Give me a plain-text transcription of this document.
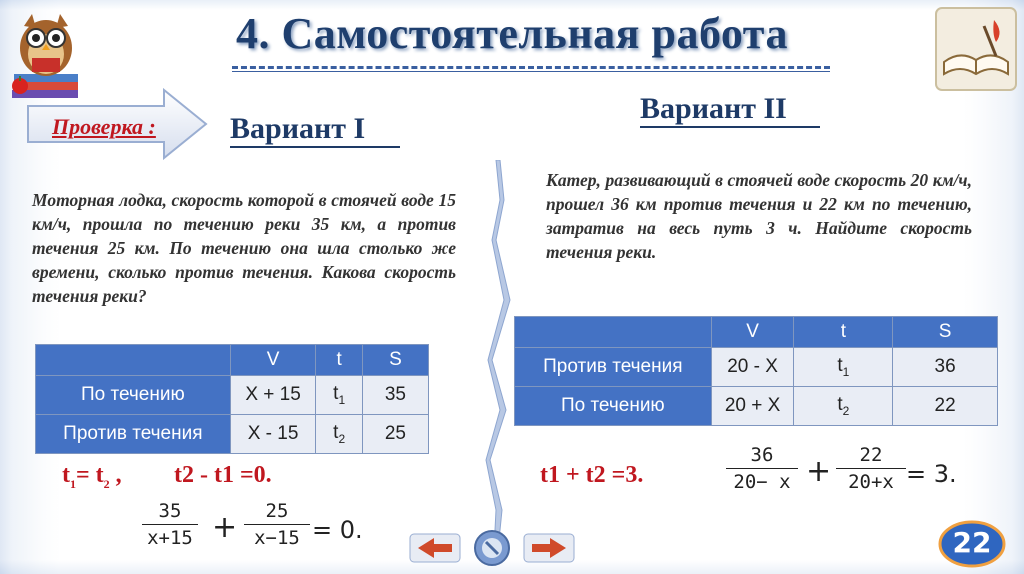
4. Самостоятельная работа
Проверка : Вариант I
Вариант II
Моторная лодка, скорость которой в стоячей воде 15 км/ч, прошла по течению реки 35 км, а против течения 25 км. По течению она шла столько же времени, сколько против течения. Какова скорость течения реки?
Катер, развивающий в стоячей воде скорость 20 км/ч, прошел 36 км против течения и 22 км по течению, затратив на весь путь 3 ч. Найдите скорость течения реки.
	V	t	S
По течению	X + 15	$t_1$	35
Против течения	X - 15	$t_2$	25
	V	t	S
Против течения	20 - X	$t_1$	36
По течению	20 + X	$t_2$	22
$t_1= t_2$ , t2 - t1 =0.
35
x+15 +	25
x−15 = 0.
t1 + t2 =3.
36
20− x +	22
20+x = 3.
22
